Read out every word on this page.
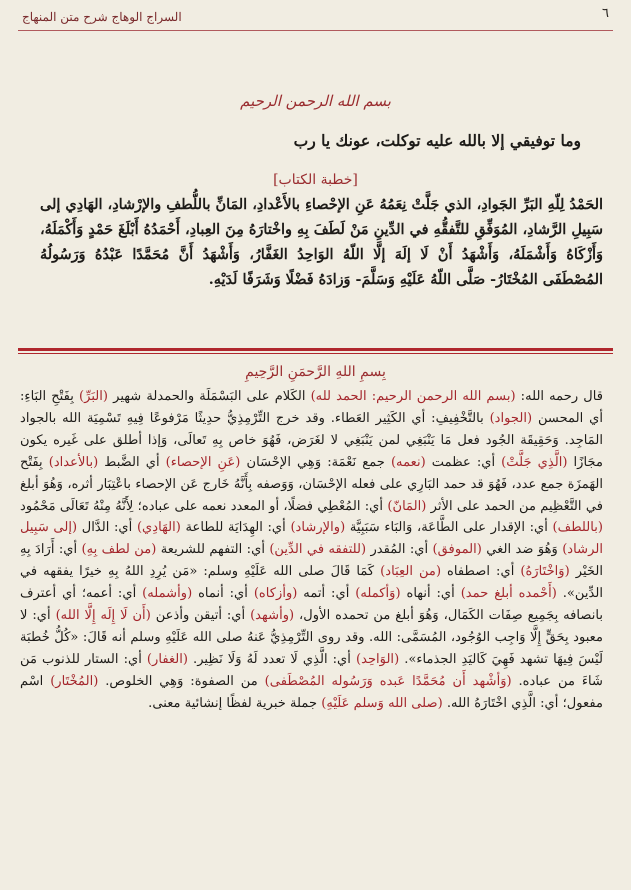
٦
السراج الوهاج شرح متن المنهاج
بسم الله الرحمن الرحيم
وما توفيقي إلا بالله عليه توكلت، عونك يا رب
[خطبة الكتاب]
الحَمْدُ لِلّهِ البَرِّ الجَوادِ، الذي جَلَّتْ نِعَمُهُ عَنِ الإحْصاءِ بالأَعْدادِ، المَانِّ باللُّطفِ والإرْشادِ، الهَادِي إلى سَبِيلِ الرَّشادِ، المُوَفِّقِ للتَّفقُّهِ في الدِّينِ مَنْ لَطَفَ بِهِ واخْتارَهُ مِنَ العِبادِ، أَحْمَدُهُ أَبْلَغَ حَمْدٍ وَأَكْمَلَهُ، وَأَزْكَاهُ وَأَشْمَلَهُ، وَأَشْهَدُ أَنْ لَا إلَهَ إلَّا اللّهُ الوَاحِدُ الغَفَّارُ، وَأَشْهَدُ أَنَّ مُحَمَّدًا عَبْدُهُ وَرَسُولُهُ المُصْطَفَى المُخْتَارُ- صَلَّى اللّهُ عَلَيْهِ وَسَلَّمَ- وَزادَهُ فَضْلًا وَشَرَفًا لَدَيْهِ.
بِسمِ اللهِ الرَّحمَنِ الرَّحِيمِ

قال رحمه الله: (بسم الله الرحمن الرحيم: الحمد لله) الكَلام على البَسْمَلَة والحمدلة شهير (البَرِّ) بِفَتْحِ البَاءِ: أي المحسن (الجواد) بالتَّخْفِيفِ: أي الكَثِير العَطاء. وقد خرج التِّرْمِذِيُّ حدِيثًا مَرْفوعًا فِيهِ تَسْمِيَة الله بالجواد المَاجِد. وَحَقِيقَة الجُود فعل مَا يَنْبَغِي لمن يَنْبَغِي لا لغَرَض، فَهُوَ خاص بِهِ تَعالَى، وَإذا أطلق على غَيره يكون مجَازًا (الَّذِي جَلَّتْ) أي: عظمت (نعمه) جمع نَعْمَة: وَهِي الإحْسَان (عَنِ الإحصاء) أي الضَّبط (بالأعداد) بِفَتْح الهَمزَة جمع عدد، فَهُوَ قد حمد البَارِي على فعله الإحْسَان، وَوَصفه بِأَنَّهُ خَارج عَن الإحصاء باعْتِبَار أثره، وَهُوَ أبلغ في التَّعْظِيم من الحمد على الأثر (المَانّ) أي: المُعْطِي فضلًا، أو المعدد نعمه على عباده؛ لِأَنَّهُ مِنْهُ تَعَالَى مَحْمُود (باللطف) أي: الإقدار على الطَّاعَة، وَالبَاء سَبَبِيَّة (والإرشاد) أي: الهِدَايَة للطاعة (الهَادِي) أي: الدَّال (إلى سَبِيل الرشاد) وَهُوَ ضد الغي (الموفق) أي: المُقدر (للتفقه في الدِّين) أي: التفهم للشريعة (من لطف بِهِ) أي: أَرَادَ بِهِ الخَيْر (وَاخْتَارَهُ) أي: اصطفاه (من العِبَاد) كَمَا قَالَ صلى الله عَلَيْهِ وسلم: «مَن يُرِدِ اللهُ بِهِ خيرًا يفقهه في الدِّين». (أَحْمده أبلغ حمد) أي: أنهاه (وَأكمله) أي: أتمه (وأزكاه) أي: أنماه (وأشمله) أي: أعمه؛ أي أعترف بانصافه بِجَمِيع صِفَات الكَمَال، وَهُوَ أبلغ من تحمده الأول، (وأشهد) أي: أتيقن وأذعن (أَن لَا إِلَه إِلَّا الله) أي: لا معبود بِحَقٍّ إِلَّا وَاجِب الوُجُود، المُسَمَّى: الله. وقد روى التِّرْمِذِيُّ عَنهُ صلى الله عَلَيْهِ وسلم أنه قَالَ: «كُلُّ خُطبَة لَيْسَ فِيهَا تشهد فَهِيَ كَاليَدِ الجذماء». (الوَاحِد) أي: الَّذِي لَا تعدد لَهُ وَلَا نَظِير. (الغفار) أي: الستار للذنوب مَن شَاءَ من عباده. (وَأشْهد أَن مُحَمَّدًا عَبده وَرَسُوله المُصْطَفى) من الصفوة: وَهِي الخلوص. (المُخْتَار) اسْم مفعول؛ أي: الَّذِي اخْتَارَهُ الله. (صلى الله وَسلم عَلَيْهِ) جملة خبرية لفظًا إنشائية معنى.
